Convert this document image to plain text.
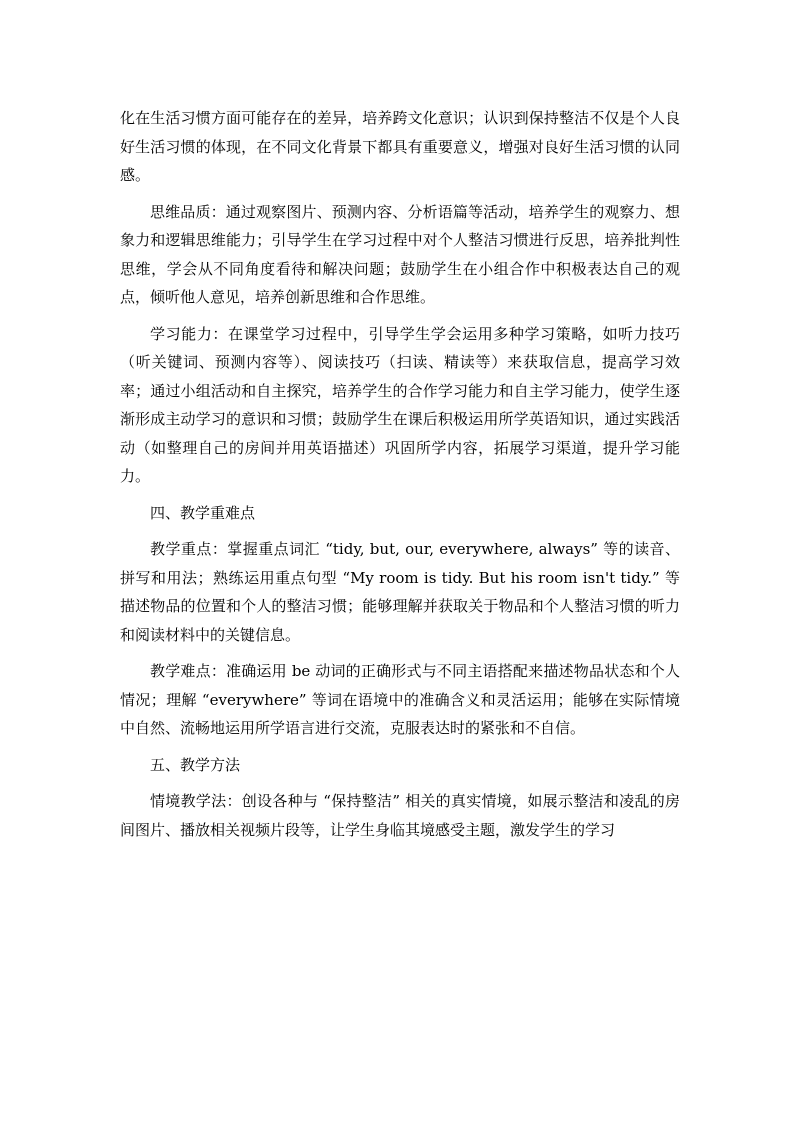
化在生活习惯方面可能存在的差异，培养跨文化意识；认识到保持整洁不仅是个人良好生活习惯的体现，在不同文化背景下都具有重要意义，增强对良好生活习惯的认同感。

思维品质：通过观察图片、预测内容、分析语篇等活动，培养学生的观察力、想象力和逻辑思维能力；引导学生在学习过程中对个人整洁习惯进行反思，培养批判性思维，学会从不同角度看待和解决问题；鼓励学生在小组合作中积极表达自己的观点，倾听他人意见，培养创新思维和合作思维。

学习能力：在课堂学习过程中，引导学生学会运用多种学习策略，如听力技巧（听关键词、预测内容等）、阅读技巧（扫读、精读等）来获取信息，提高学习效率；通过小组活动和自主探究，培养学生的合作学习能力和自主学习能力，使学生逐渐形成主动学习的意识和习惯；鼓励学生在课后积极运用所学英语知识，通过实践活动（如整理自己的房间并用英语描述）巩固所学内容，拓展学习渠道，提升学习能力。

四、教学重难点

教学重点：掌握重点词汇 “tidy, but, our, everywhere, always” 等的读音、拼写和用法；熟练运用重点句型 “My room is tidy. But his room isn't tidy.” 等描述物品的位置和个人的整洁习惯；能够理解并获取关于物品和个人整洁习惯的听力和阅读材料中的关键信息。

教学难点：准确运用 be 动词的正确形式与不同主语搭配来描述物品状态和个人情况；理解 “everywhere” 等词在语境中的准确含义和灵活运用；能够在实际情境中自然、流畅地运用所学语言进行交流，克服表达时的紧张和不自信。

五、教学方法

情境教学法：创设各种与 “保持整洁” 相关的真实情境，如展示整洁和凌乱的房间图片、播放相关视频片段等，让学生身临其境感受主题，激发学生的学习
